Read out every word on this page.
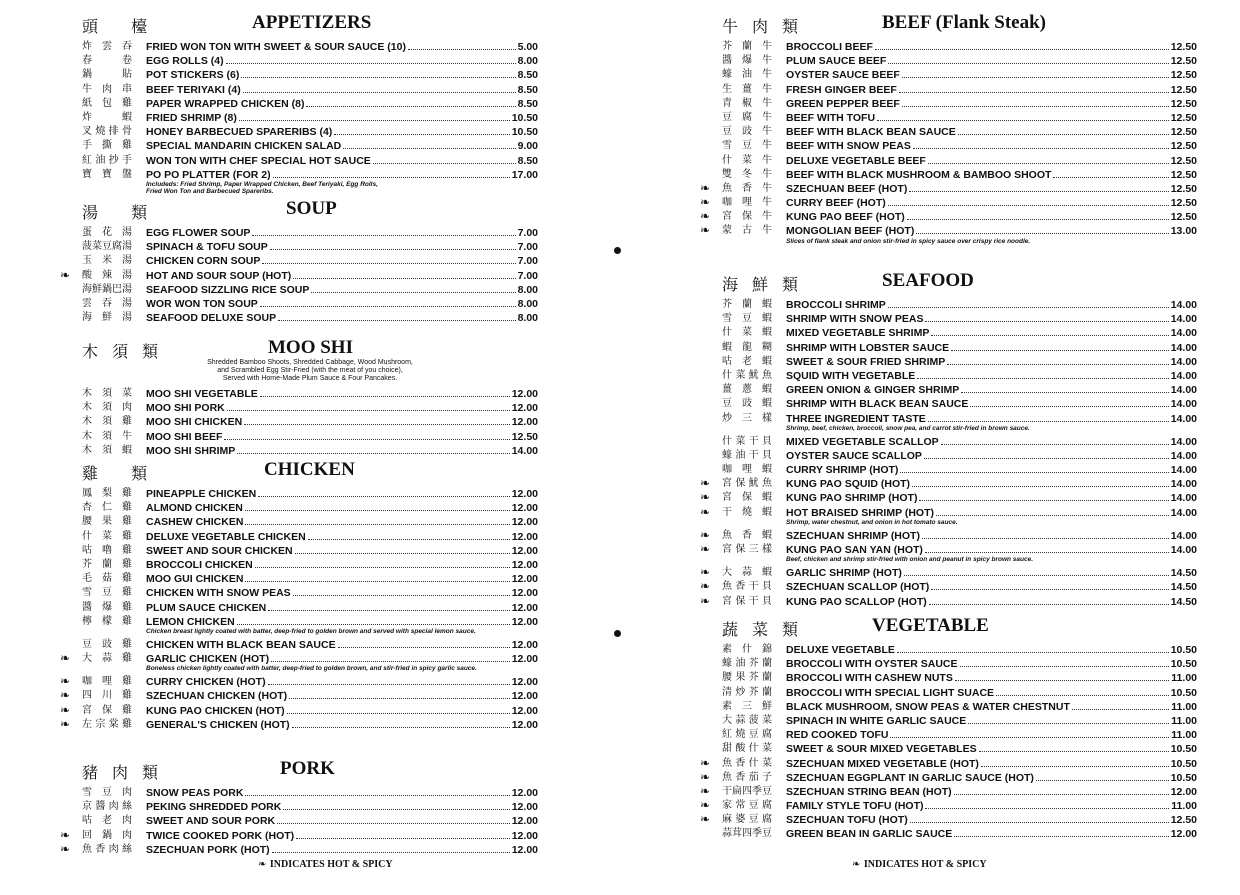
頭 檯	APPETIZERS
炸 雲 吞 FRIED WON TON WITH SWEET & SOUR SAUCE (10)	5.00
春	卷 EGG ROLLS (4)	8.00
鍋	貼 POT STICKERS (6)	8.50
牛 肉 串 BEEF TERIYAKI (4)	8.50
紙 包 雞 PAPER WRAPPED CHICKEN (8)	8.50
炸	蝦 FRIED SHRIMP (8)	10.50
叉 燒 排 骨 HONEY BARBECUED SPARERIBS (4)	10.50
手 撕 雞 SPECIAL MANDARIN CHICKEN SALAD	9.00
紅 油 抄 手 WON TON WITH CHEF SPECIAL HOT SAUCE	8.50
寶 寶 盤 PO PO PLATTER (FOR 2)	17.00
Includeds: Fried Shrimp, Paper Wrapped Chicken, Beef Teriyaki, Egg Rolls,
Fried Won Ton and Barbecued Spareribs.
湯 類	SOUP
蛋 花 湯 EGG FLOWER SOUP	7.00
菠 菜 豆 腐 湯 SPINACH & TOFU SOUP	7.00
玉 米 湯 CHICKEN CORN SOUP	7.00
❧ 酸 辣 湯 HOT AND SOUR SOUP (HOT)	7.00
海 鮮 鍋 巴 湯 SEAFOOD SIZZLING RICE SOUP	8.00
雲 吞 湯 WOR WON TON SOUP	8.00
海 鮮 湯 SEAFOOD DELUXE SOUP	8.00
木須類	MOO SHI
Shredded Bamboo Shoots, Shredded Cabbage, Wood Mushroom,
and Scrambled Egg Stir-Fried (with the meat of you choice),
Served with Home-Made Plum Sauce & Four Pancakes.
木 須 菜 MOO SHI VEGETABLE	12.00
木 須 肉 MOO SHI PORK	12.00
木 須 雞 MOO SHI CHICKEN	12.00
木 須 牛 MOO SHI BEEF	12.50
木 須 蝦 MOO SHI SHRIMP	14.00
雞 類	CHICKEN
鳳 梨 雞 PINEAPPLE CHICKEN	12.00
杏 仁 雞 ALMOND CHICKEN	12.00
腰 果 雞 CASHEW CHICKEN	12.00
什 菜 雞 DELUXE VEGETABLE CHICKEN	12.00
咕 嚕 雞 SWEET AND SOUR CHICKEN	12.00
芥 蘭 雞 BROCCOLI CHICKEN	12.00
毛 菇 雞 MOO GUI CHICKEN	12.00
雪 豆 雞 CHICKEN WITH SNOW PEAS	12.00
醬 爆 雞 PLUM SAUCE CHICKEN	12.00
檸 檬 雞 LEMON CHICKEN	12.00
Chicken breast lightly coated with batter, deep-fried to golden brown and served with special lemon sauce.
豆 豉 雞 CHICKEN WITH BLACK BEAN SAUCE	12.00
❧ 大 蒜 雞 GARLIC CHICKEN (HOT)	12.00
Boneless chicken lightly coated with batter, deep-fried to golden brown, and stir-fried in spicy garlic sauce.
❧ 咖 哩 雞 CURRY CHICKEN (HOT)	12.00
❧ 四 川 雞 SZECHUAN CHICKEN (HOT)	12.00
❧ 宮 保 雞 KUNG PAO CHICKEN (HOT)	12.00
❧ 左 宗 棠 雞 GENERAL'S CHICKEN (HOT)	12.00
豬肉類	PORK
雪 豆 肉 SNOW PEAS PORK	12.00
京 醬 肉 絲 PEKING SHREDDED PORK	12.00
咕 老 肉 SWEET AND SOUR PORK	12.00
❧ 回 鍋 肉 TWICE COOKED PORK (HOT)	12.00
❧ 魚 香 肉 絲 SZECHUAN PORK (HOT)	12.00
❧ INDICATES HOT & SPICY
牛肉類	BEEF (Flank Steak)
芥 蘭 牛 BROCCOLI BEEF	12.50
醬 爆 牛 PLUM SAUCE BEEF	12.50
蠔 油 牛 OYSTER SAUCE BEEF	12.50
生 薑 牛 FRESH GINGER BEEF	12.50
青 椒 牛 GREEN PEPPER BEEF	12.50
豆 腐 牛 BEEF WITH TOFU	12.50
豆 豉 牛 BEEF WITH BLACK BEAN SAUCE	12.50
雪 豆 牛 BEEF WITH SNOW PEAS	12.50
什 菜 牛 DELUXE VEGETABLE BEEF	12.50
雙 冬 牛 BEEF WITH BLACK MUSHROOM & BAMBOO SHOOT	12.50
❧ 魚 香 牛 SZECHUAN BEEF (HOT)	12.50
❧ 咖 哩 牛 CURRY BEEF (HOT)	12.50
❧ 宮 保 牛 KUNG PAO BEEF (HOT)	12.50
❧ 蒙 古 牛 MONGOLIAN BEEF (HOT)	13.00
Slices of flank steak and onion stir-fried in spicy sauce over crispy rice noodle.
海鮮類	SEAFOOD
芥 蘭 蝦 BROCCOLI SHRIMP	14.00
雪 豆 蝦 SHRIMP WITH SNOW PEAS	14.00
什 菜 蝦 MIXED VEGETABLE SHRIMP	14.00
蝦 龍 糊 SHRIMP WITH LOBSTER SAUCE	14.00
咕 老 蝦 SWEET & SOUR FRIED SHRIMP	14.00
什 菜 魷 魚 SQUID WITH VEGETABLE	14.00
薑 蔥 蝦 GREEN ONION & GINGER SHRIMP	14.00
豆 豉 蝦 SHRIMP WITH BLACK BEAN SAUCE	14.00
炒 三 樣 THREE INGREDIENT TASTE	14.00
Shrimp, beef, chicken, broccoli, snow pea, and carrot stir-fried in brown sauce.
什 菜 干 貝 MIXED VEGETABLE SCALLOP	14.00
蠔 油 干 貝 OYSTER SAUCE SCALLOP	14.00
咖 哩 蝦 CURRY SHRIMP (HOT)	14.00
❧ 宮 保 魷 魚 KUNG PAO SQUID (HOT)	14.00
❧ 宮 保 蝦 KUNG PAO SHRIMP (HOT)	14.00
❧ 干 燒 蝦 HOT BRAISED SHRIMP (HOT)	14.00
Shrimp, water chestnut, and onion in hot tomato sauce.
❧ 魚 香 蝦 SZECHUAN SHRIMP (HOT)	14.00
❧ 宮 保 三 樣 KUNG PAO SAN YAN (HOT)	14.00
Beef, chicken and shrimp stir-fried with onion and peanut in spicy brown sauce.
❧ 大 蒜 蝦 GARLIC SHRIMP (HOT)	14.50
❧ 魚 香 干 貝 SZECHUAN SCALLOP (HOT)	14.50
❧ 宮 保 干 貝 KUNG PAO SCALLOP (HOT)	14.50
蔬菜類	VEGETABLE
素 什 錦 DELUXE VEGETABLE	10.50
蠔 油 芥 蘭 BROCCOLI WITH OYSTER SAUCE	10.50
腰 果 芥 蘭 BROCCOLI WITH CASHEW NUTS	11.00
清 炒 芥 蘭 BROCCOLI WITH SPECIAL LIGHT SUACE	10.50
素 三 鮮 BLACK MUSHROOM, SNOW PEAS & WATER CHESTNUT	11.00
大 蒜 菠 菜 SPINACH IN WHITE GARLIC SAUCE	11.00
紅 燒 豆 腐 RED COOKED TOFU	11.00
甜 酸 什 菜 SWEET & SOUR MIXED VEGETABLES	10.50
❧ 魚 香 什 菜 SZECHUAN MIXED VEGETABLE (HOT)	10.50
❧ 魚 香 茄 子 SZECHUAN EGGPLANT IN GARLIC SAUCE (HOT)	10.50
❧ 干 扁 四 季 豆 SZECHUAN STRING BEAN (HOT)	12.00
❧ 家 常 豆 腐 FAMILY STYLE TOFU (HOT)	11.00
❧ 麻 婆 豆 腐 SZECHUAN TOFU (HOT)	12.50
蒜 茸 四 季 豆 GREEN BEAN IN GARLIC SAUCE	12.00
❧ INDICATES HOT & SPICY
